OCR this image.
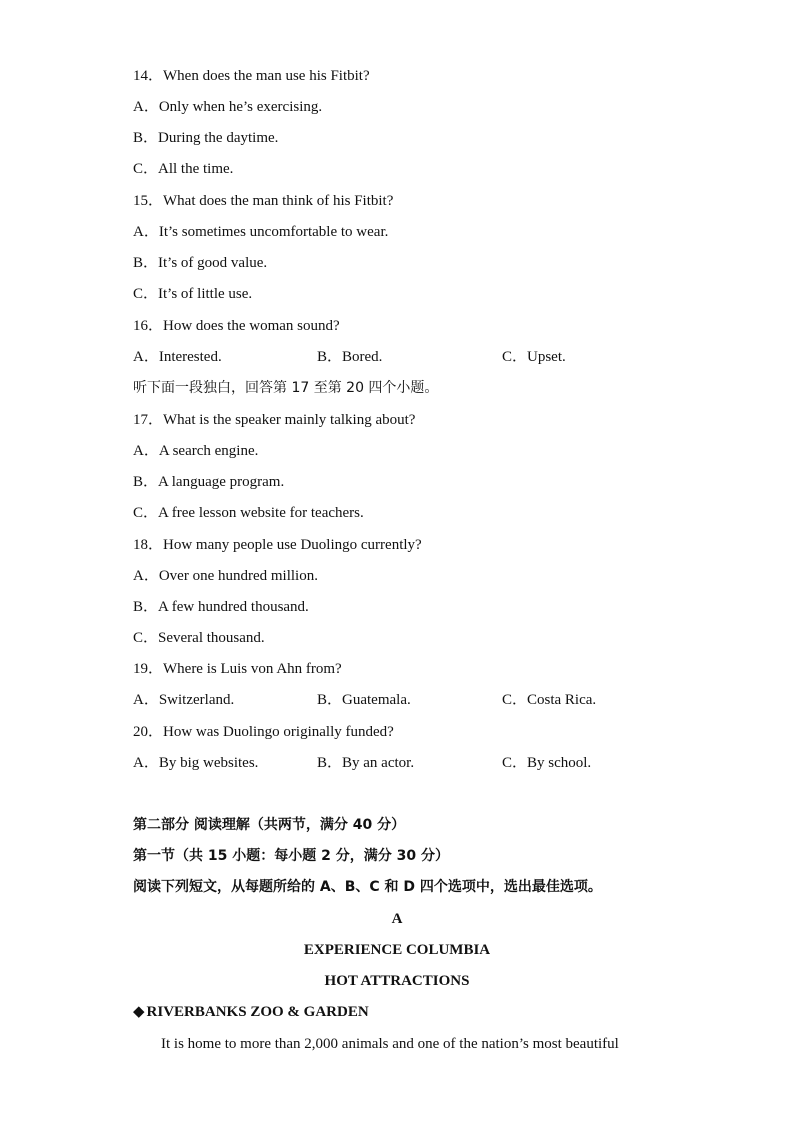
14．When does the man use his Fitbit?
A．Only when he’s exercising.
B．During the daytime.
C．All the time.
15．What does the man think of his Fitbit?
A．It’s sometimes uncomfortable to wear.
B．It’s of good value.
C．It’s of little use.
16．How does the woman sound?
A．Interested.	B．Bored.	C．Upset.
听下面一段独白，回答第 17 至第 20 四个小题。
17．What is the speaker mainly talking about?
A．A search engine.
B．A language program.
C．A free lesson website for teachers.
18．How many people use Duolingo currently?
A．Over one hundred million.
B．A few hundred thousand.
C．Several thousand.
19．Where is Luis von Ahn from?
A．Switzerland.	B．Guatemala.	C．Costa Rica.
20．How was Duolingo originally funded?
A．By big websites.	B．By an actor.	C．By school.
第二部分 阅读理解（共两节，满分 40 分）
第一节（共 15 小题：每小题 2 分，满分 30 分）
阅读下列短文，从每题所给的 A、B、C 和 D 四个选项中，选出最佳选项。
A
EXPERIENCE COLUMBIA
HOT ATTRACTIONS
◆ RIVERBANKS ZOO & GARDEN
It is home to more than 2,000 animals and one of the nation’s most beautiful
